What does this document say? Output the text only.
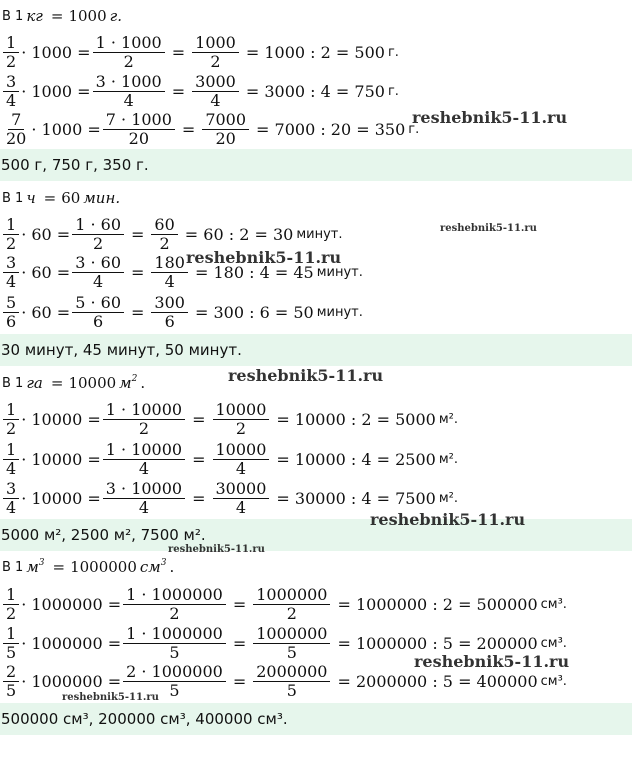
В 1 кг = 1000 г.
$\frac{1}{2} \cdot 1000 = \frac{1 \cdot 1000}{2} = \frac{1000}{2} = 1000$ : 2 = 500 г.
$\frac{3}{4} \cdot 1000 = \frac{3 \cdot 1000}{4} = \frac{3000}{4} = 3000$ : 4 = 750 г.
$\frac{7}{20} \cdot 1000 = \frac{7 \cdot 1000}{20} = \frac{7000}{20} = 7000$ : 20 = 350 г.
500 г, 750 г, 350 г.
В 1 ч = 60 мин.
$\frac{1}{2} \cdot 60 = \frac{1 \cdot 60}{2} = \frac{60}{2} = 60$ : 2 = 30 минут.
$\frac{3}{4} \cdot 60 = \frac{3 \cdot 60}{4} = \frac{180}{4} = 180$ : 4 = 45 минут.
$\frac{5}{6} \cdot 60 = \frac{5 \cdot 60}{6} = \frac{300}{6} = 300$ : 6 = 50 минут.
30 минут, 45 минут, 50 минут.
В 1 га = 10000 $м^2$ .
$\frac{1}{2} \cdot 10000 = \frac{1 \cdot 10000}{2} = \frac{10000}{2} = 10000$ : 2 = 5000 м².
$\frac{1}{4} \cdot 10000 = \frac{1 \cdot 10000}{4} = \frac{10000}{4} = 10000$ : 4 = 2500 м².
$\frac{3}{4} \cdot 10000 = \frac{3 \cdot 10000}{4} = \frac{30000}{4} = 30000$ : 4 = 7500 м².
5000 м², 2500 м², 7500 м².
В 1 $м^3 = 1000000$ $см^3$ .
$\frac{1}{2} \cdot 1000000 = \frac{1 \cdot 1000000}{2} = \frac{1000000}{2} = 1000000$ : 2 = 500000 см³.
$\frac{1}{5} \cdot 1000000 = \frac{1 \cdot 1000000}{5} = \frac{1000000}{5} = 1000000$ : 5 = 200000 см³.
$\frac{2}{5} \cdot 1000000 = \frac{2 \cdot 1000000}{5} = \frac{2000000}{5} = 2000000$ : 5 = 400000 см³.
500000 см³, 200000 см³, 400000 см³.
reshebnik5-11.ru
reshebnik5-11.ru
reshebnik5-11.ru
reshebnik5-11.ru
reshebnik5-11.ru
reshebnik5-11.ru
reshebnik5-11.ru
reshebnik5-11.ru
